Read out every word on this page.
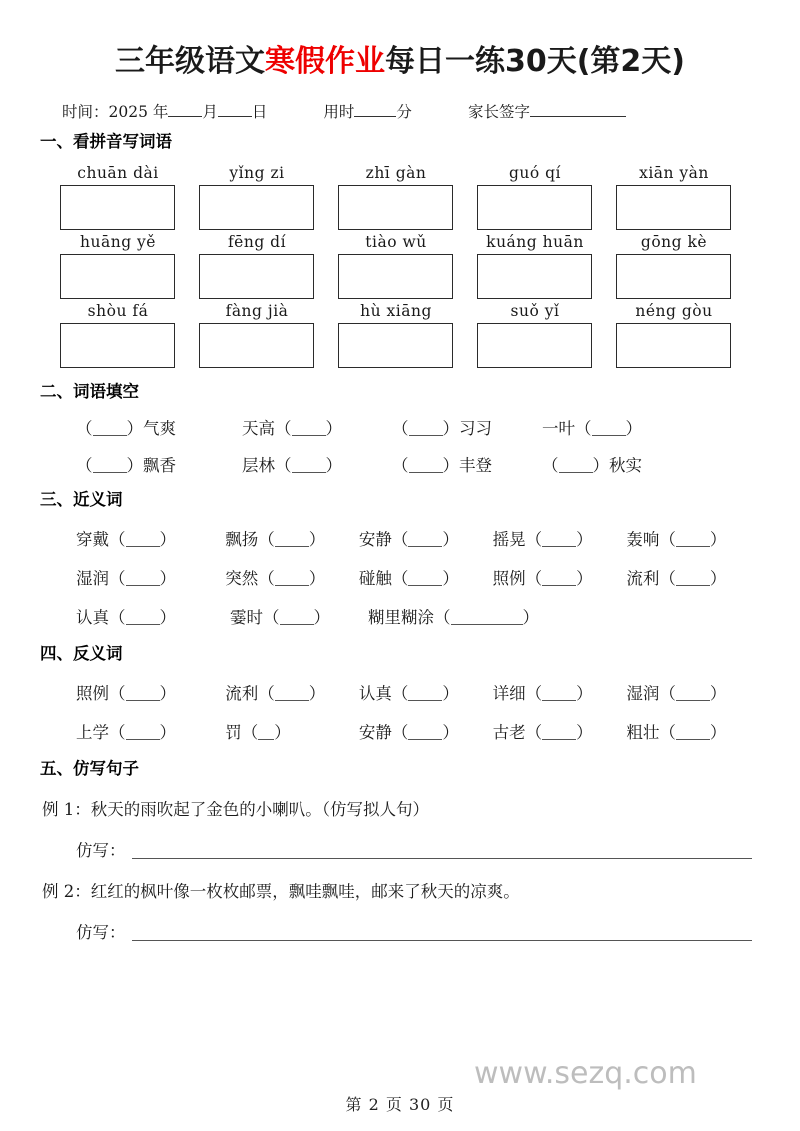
三年级语文寒假作业每日一练30天(第2天)
时间：2025 年 月 日	用时	分	家长签字
一、看拼音写词语
chuān dài	yǐng zi	zhī gàn	guó qí	xiān yàn
huāng yě	fēng dí	tiào wǔ	kuáng huān	gōng kè
shòu fá	fàng jià	hù xiāng	suǒ yǐ	néng gòu
二、词语填空
（ ）气爽	天高（ ）	（ ）习习	一叶（ ）
（ ）飘香	层林（ ）	（ ）丰登	（ ）秋实
三、近义词
穿戴（ ）	飘扬（ ）	安静（ ）	摇晃（ ）	轰响（ ）
湿润（ ）	突然（ ）	碰触（ ）	照例（ ）	流利（ ）
认真（ ）	霎时（ ）	糊里糊涂（	）
四、反义词
照例（ ）	流利（ ）	认真（ ）	详细（ ）	湿润（ ）
上学（ ）	罚（ ）	安静（ ）	古老（ ）	粗壮（ ）
五、仿写句子
例 1：秋天的雨吹起了金色的小喇叭。（仿写拟人句）
仿写：
例 2：红红的枫叶像一枚枚邮票，飘哇飘哇，邮来了秋天的凉爽。
仿写：
www.sezq.com
第 2 页 30 页
